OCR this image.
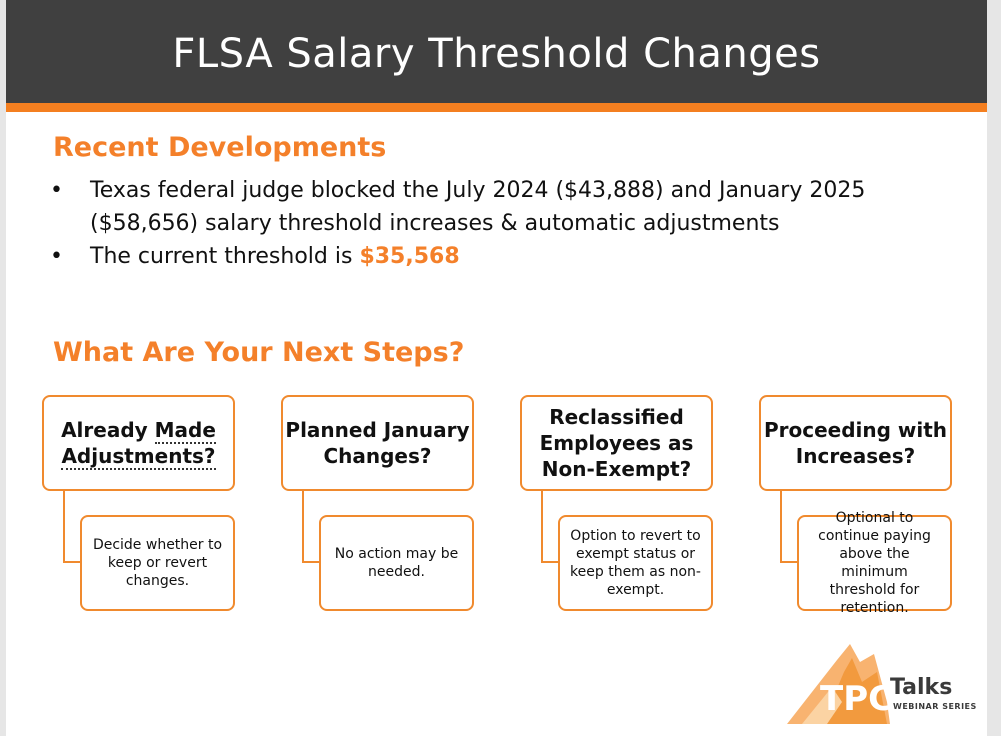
FLSA Salary Threshold Changes
Recent Developments
• Texas federal judge blocked the July 2024 ($43,888) and January 2025 ($58,656) salary threshold increases & automatic adjustments
• The current threshold is $35,568
What Are Your Next Steps?
Already Made
Adjustments?
Decide whether to keep or revert changes.
Planned January Changes?
No action may be needed.
Reclassified Employees as Non-Exempt?
Option to revert to exempt status or keep them as non-exempt.
Proceeding with Increases?
Optional to continue paying above the minimum threshold for retention.
TPC
Talks
WEBINAR SERIES
